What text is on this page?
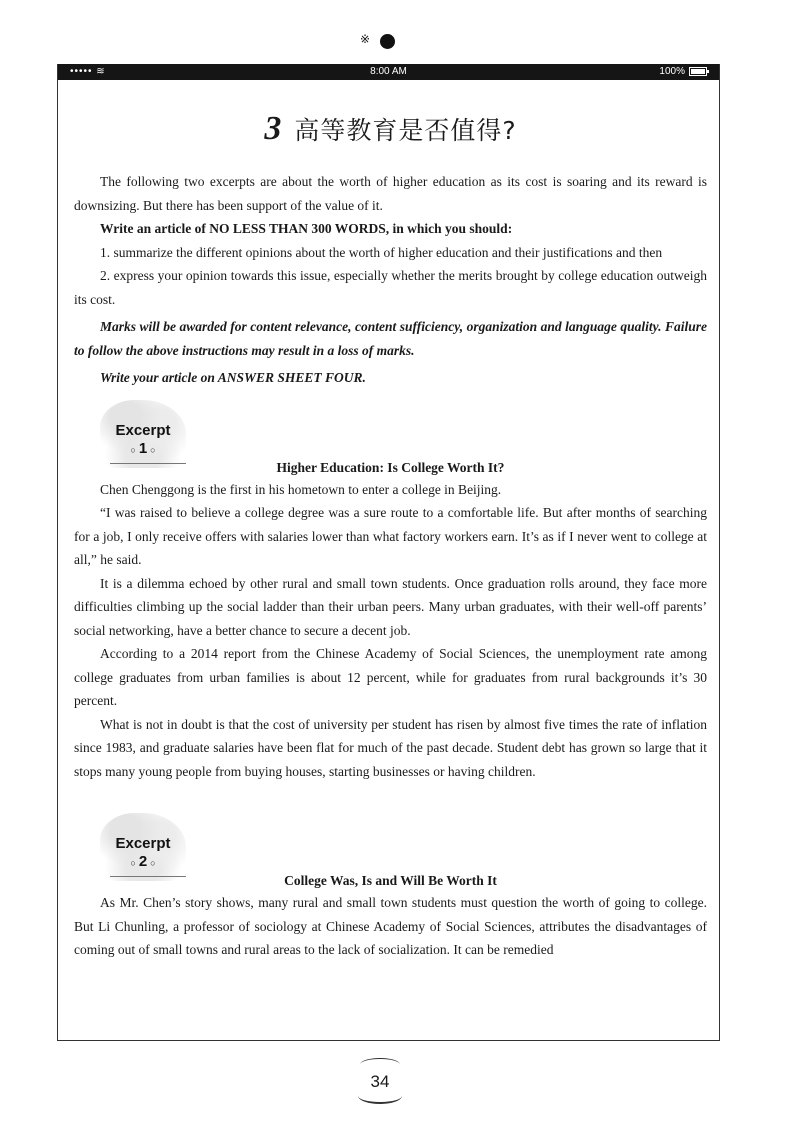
※
••••• ≋	8:00 AM	100%
3 高等教育是否值得?

The following two excerpts are about the worth of higher education as its cost is soaring and its reward is downsizing. But there has been support of the value of it.

Write an article of NO LESS THAN 300 WORDS, in which you should:

1. summarize the different opinions about the worth of higher education and their justifications and then

2. express your opinion towards this issue, especially whether the merits brought by college education outweigh its cost.

Marks will be awarded for content relevance, content sufficiency, organization and language quality. Failure to follow the above instructions may result in a loss of marks.

Write your article on ANSWER SHEET FOUR.

Excerpt
○ 1 ○
Higher Education: Is College Worth It?

Chen Chenggong is the first in his hometown to enter a college in Beijing.

“I was raised to believe a college degree was a sure route to a comfortable life. But after months of searching for a job, I only receive offers with salaries lower than what factory workers earn. It’s as if I never went to college at all,” he said.

It is a dilemma echoed by other rural and small town students. Once graduation rolls around, they face more difficulties climbing up the social ladder than their urban peers. Many urban graduates, with their well-off parents’ social networking, have a better chance to secure a decent job.

According to a 2014 report from the Chinese Academy of Social Sciences, the unemployment rate among college graduates from urban families is about 12 percent, while for graduates from rural backgrounds it’s 30 percent.

What is not in doubt is that the cost of university per student has risen by almost five times the rate of inflation since 1983, and graduate salaries have been flat for much of the past decade. Student debt has grown so large that it stops many young people from buying houses, starting businesses or having children.

Excerpt
○ 2 ○
College Was, Is and Will Be Worth It

As Mr. Chen’s story shows, many rural and small town students must question the worth of going to college. But Li Chunling, a professor of sociology at Chinese Academy of Social Sciences, attributes the disadvantages of coming out of small towns and rural areas to the lack of socialization. It can be remedied

34
